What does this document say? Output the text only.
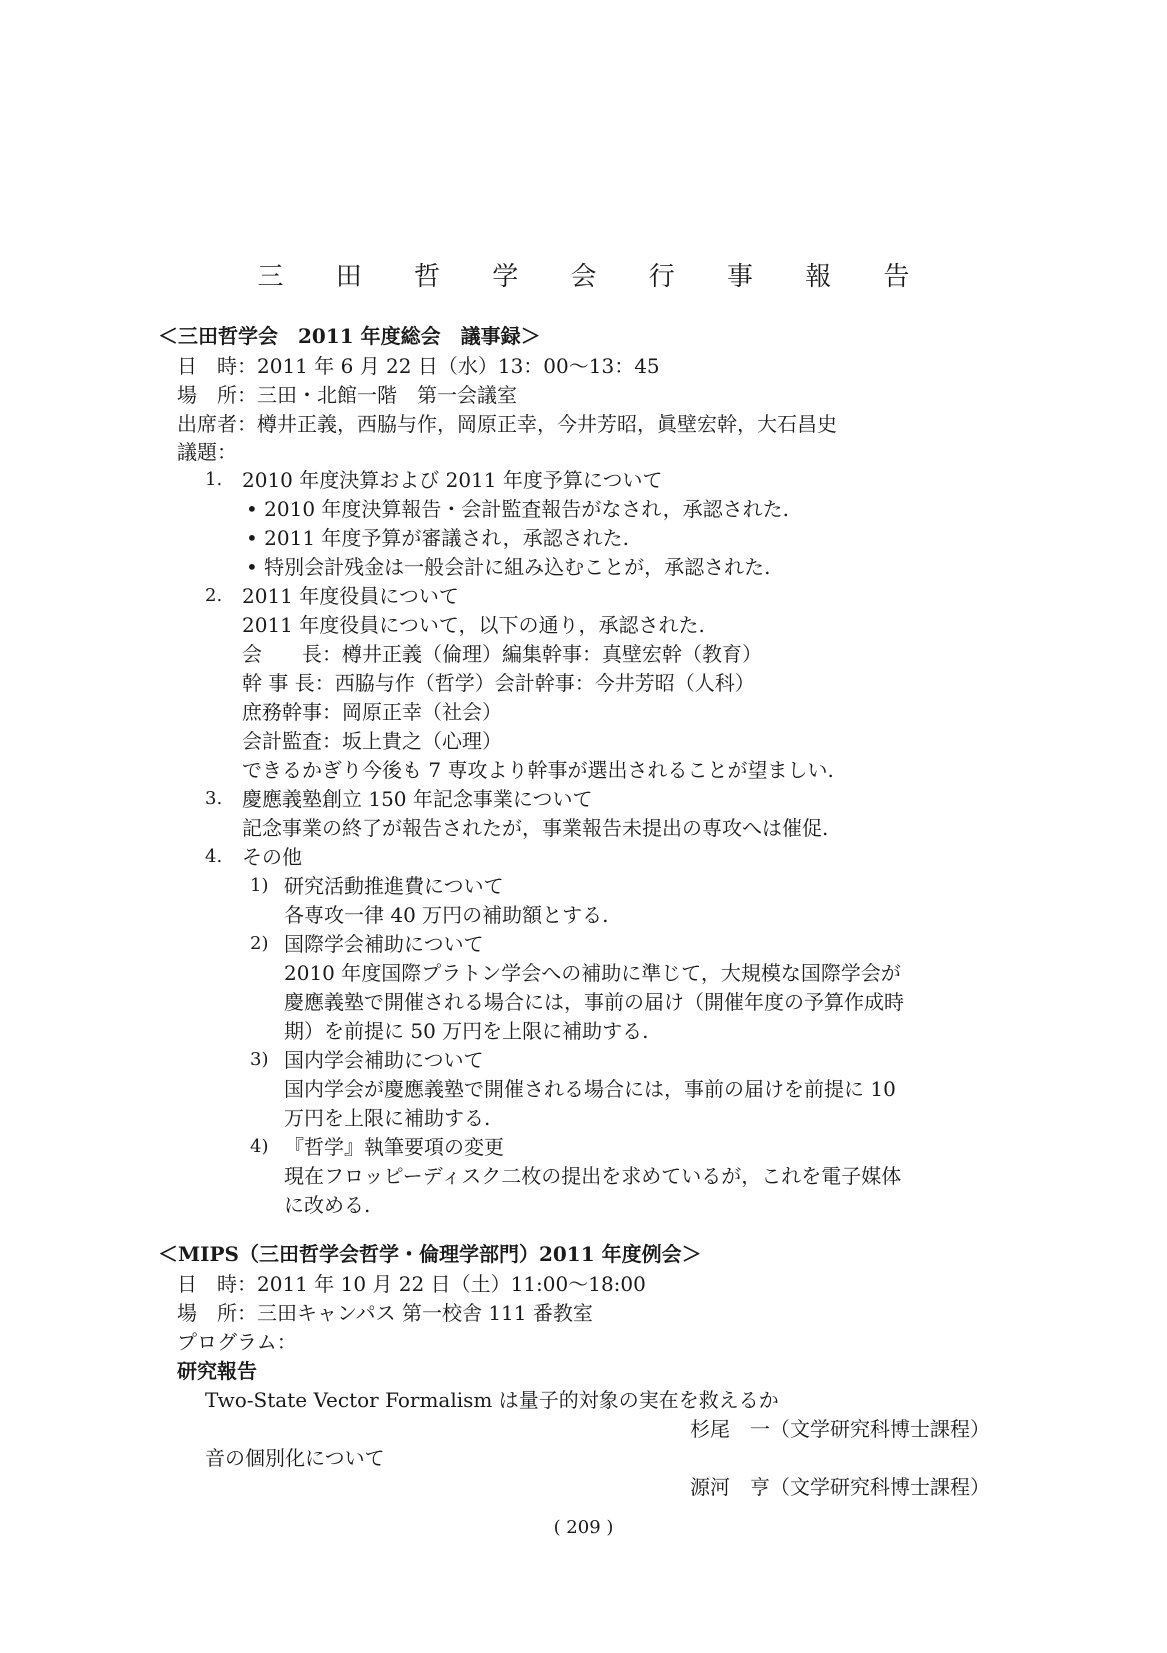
三 田 哲 学 会 行 事 報 告
＜三田哲学会　2011 年度総会　議事録＞
日　時：2011 年 6 月 22 日（水）13：00〜13：45
場　所：三田・北館一階　第一会議室
出席者：樽井正義，西脇与作，岡原正幸，今井芳昭，眞壁宏幹，大石昌史
議題：
1. 2010 年度決算および 2011 年度予算について
• 2010 年度決算報告・会計監査報告がなされ，承認された.
• 2011 年度予算が審議され，承認された.
• 特別会計残金は一般会計に組み込むことが，承認された.
2. 2011 年度役員について
2011 年度役員について，以下の通り，承認された.
会　　長：樽井正義（倫理）編集幹事：真壁宏幹（教育）
幹 事 長：西脇与作（哲学）会計幹事：今井芳昭（人科）
庶務幹事：岡原正幸（社会）
会計監査：坂上貴之（心理）
できるかぎり今後も 7 専攻より幹事が選出されることが望ましい.
3. 慶應義塾創立 150 年記念事業について
記念事業の終了が報告されたが，事業報告未提出の専攻へは催促.
4. その他
1) 研究活動推進費について
各専攻一律 40 万円の補助額とする.
2) 国際学会補助について
2010 年度国際プラトン学会への補助に準じて，大規模な国際学会が
慶應義塾で開催される場合には，事前の届け（開催年度の予算作成時
期）を前提に 50 万円を上限に補助する.
3) 国内学会補助について
国内学会が慶應義塾で開催される場合には，事前の届けを前提に 10
万円を上限に補助する.
4) 『哲学』執筆要項の変更
現在フロッピーディスク二枚の提出を求めているが，これを電子媒体
に改める.
＜MIPS（三田哲学会哲学・倫理学部門）2011 年度例会＞
日　時：2011 年 10 月 22 日（土）11:00〜18:00
場　所：三田キャンパス 第一校舎 111 番教室
プログラム：
研究報告
Two-State Vector Formalism は量子的対象の実在を救えるか
杉尾　一（文学研究科博士課程）
音の個別化について
源河　亨（文学研究科博士課程）
( 209 )
